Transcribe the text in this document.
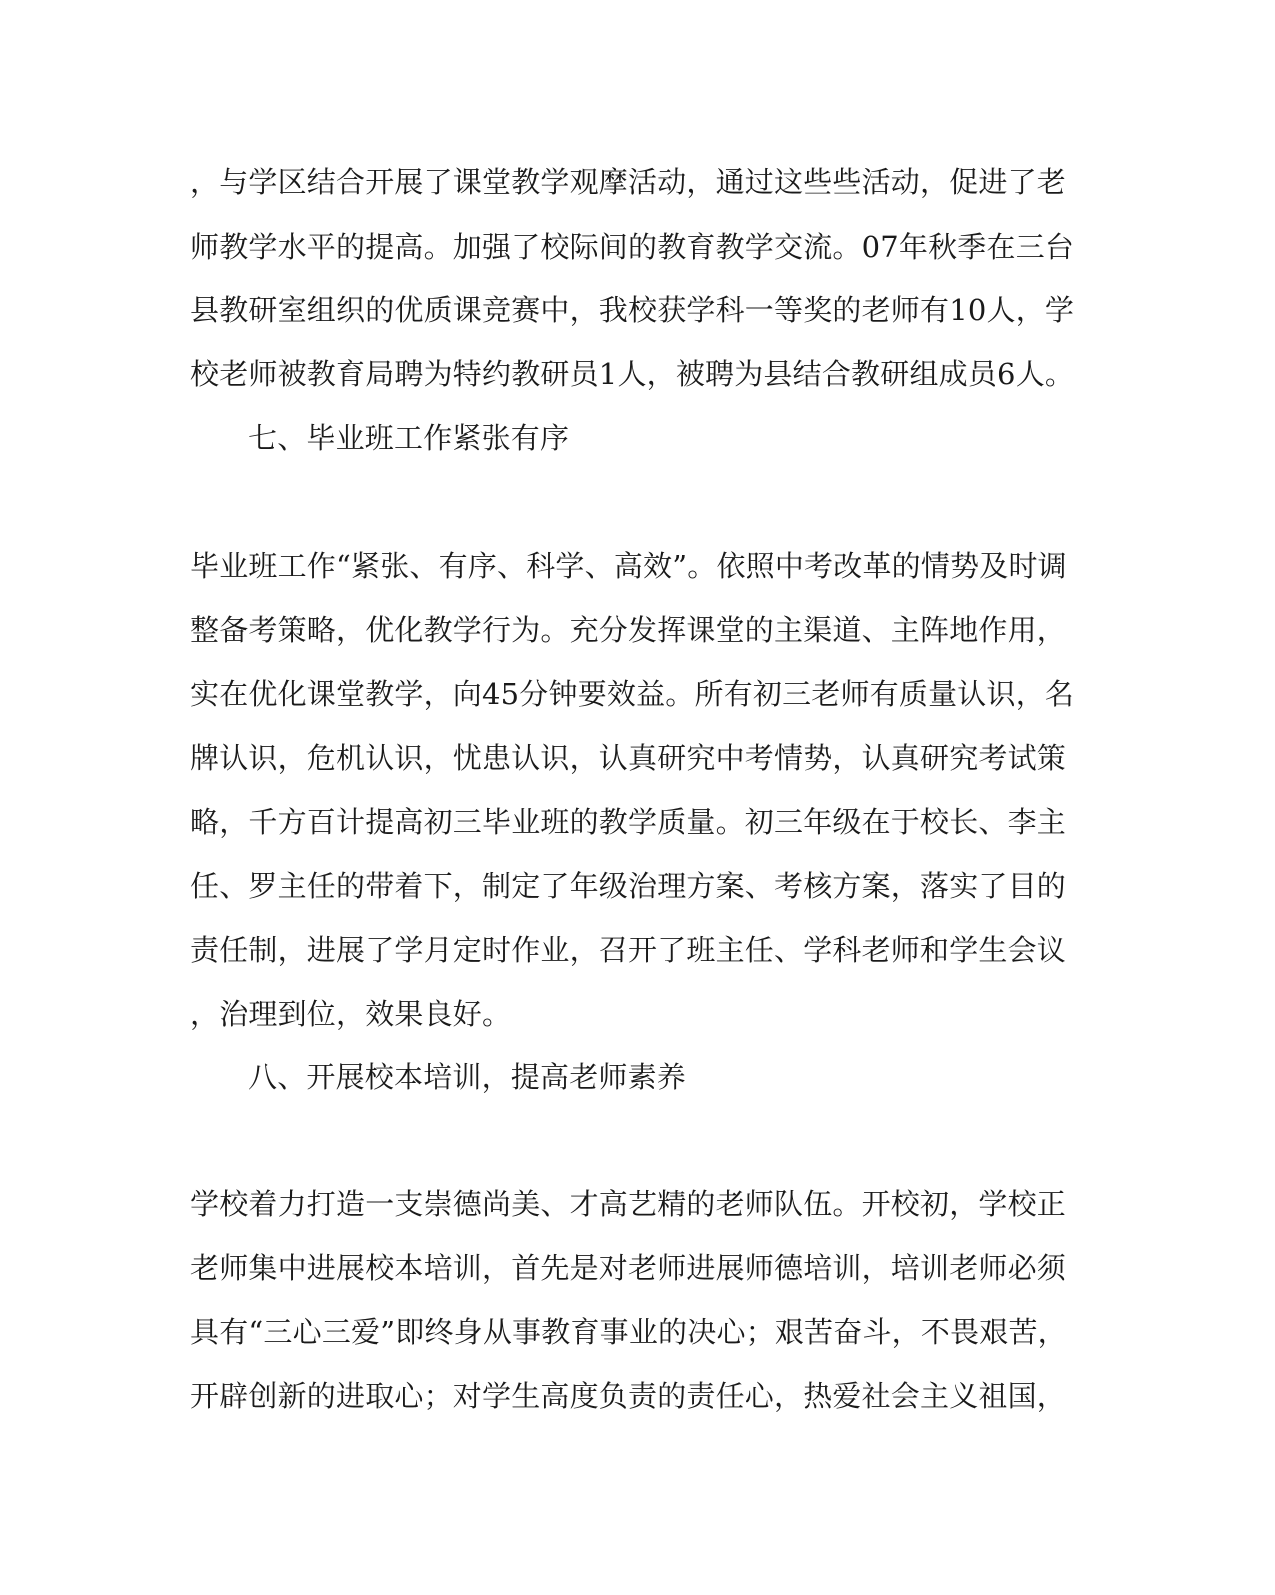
，与学区结合开展了课堂教学观摩活动，通过这些些活动，促进了老
师教学水平的提高。加强了校际间的教育教学交流。07年秋季在三台
县教研室组织的优质课竞赛中，我校获学科一等奖的老师有10人，学
校老师被教育局聘为特约教研员1人，被聘为县结合教研组成员6人。
七、毕业班工作紧张有序
毕业班工作“紧张、有序、科学、高效”。依照中考改革的情势及时调
整备考策略，优化教学行为。充分发挥课堂的主渠道、主阵地作用，
实在优化课堂教学，向45分钟要效益。所有初三老师有质量认识，名
牌认识，危机认识，忧患认识，认真研究中考情势，认真研究考试策
略，千方百计提高初三毕业班的教学质量。初三年级在于校长、李主
任、罗主任的带着下，制定了年级治理方案、考核方案，落实了目的
责任制，进展了学月定时作业，召开了班主任、学科老师和学生会议
，治理到位，效果良好。
八、开展校本培训，提高老师素养
学校着力打造一支崇德尚美、才高艺精的老师队伍。开校初，学校正
老师集中进展校本培训，首先是对老师进展师德培训，培训老师必须
具有“三心三爱”即终身从事教育事业的决心；艰苦奋斗，不畏艰苦，
开辟创新的进取心；对学生高度负责的责任心，热爱社会主义祖国，
